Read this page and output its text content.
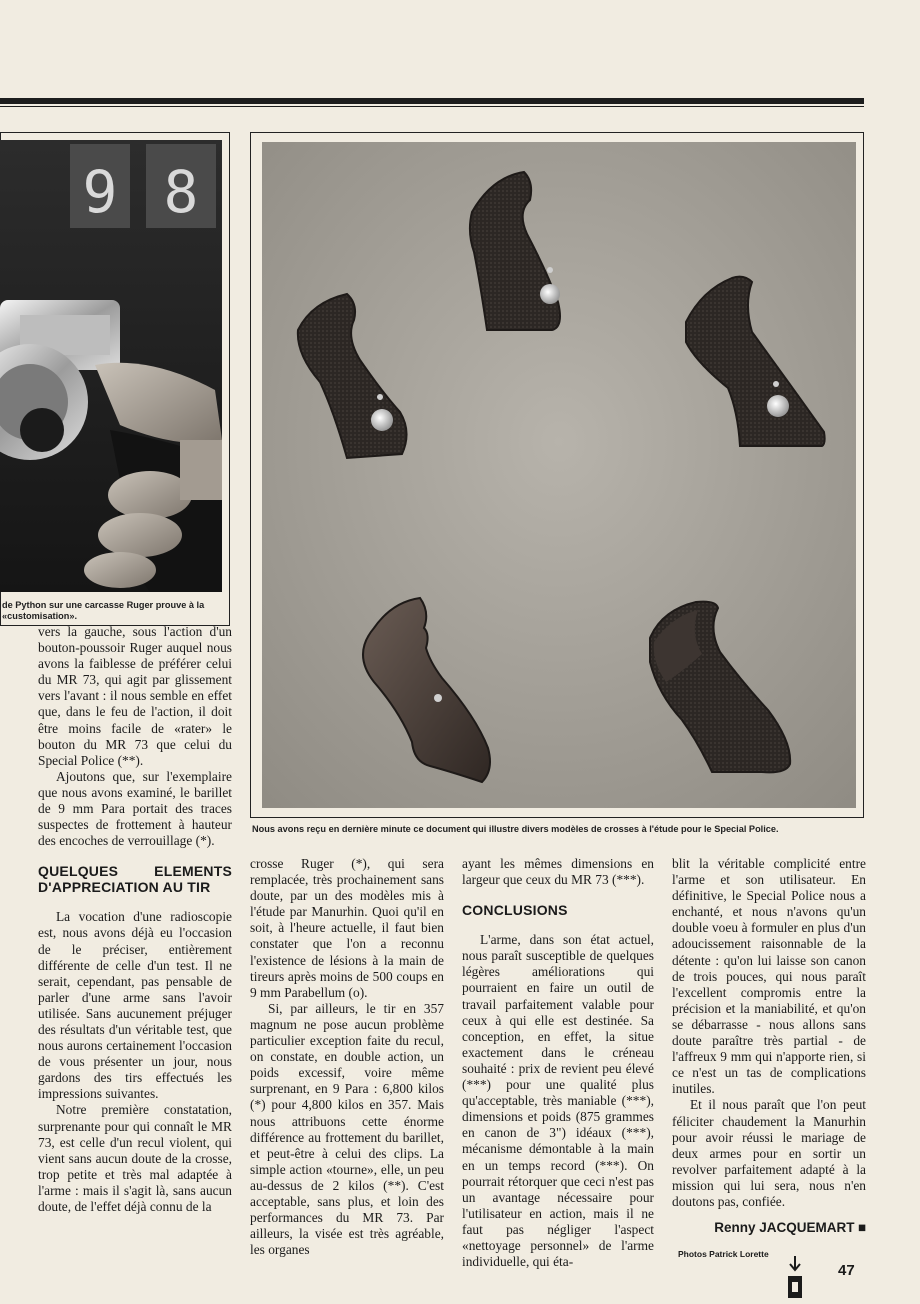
9 8
de Python sur une carcasse Ruger prouve à la «customisation».
Nous avons reçu en dernière minute ce document qui illustre divers modèles de crosses à l'étude pour le Special Police.

vers la gauche, sous l'action d'un bouton-poussoir Ruger auquel nous avons la faiblesse de préférer celui du MR 73, qui agit par glissement vers l'avant : il nous semble en effet que, dans le feu de l'action, il doit être moins facile de «rater» le bouton du MR 73 que celui du Special Police (**).

Ajoutons que, sur l'exemplaire que nous avons examiné, le barillet de 9 mm Para portait des traces suspectes de frottement à hauteur des encoches de verrouillage (*).

QUELQUES ELEMENTS D'APPRECIATION AU TIR

La vocation d'une radioscopie est, nous avons déjà eu l'occasion de le préciser, entièrement différente de celle d'un test. Il ne serait, cependant, pas pensable de parler d'une arme sans l'avoir utilisée. Sans aucunement préjuger des résultats d'un véritable test, que nous aurons certainement l'occasion de vous présenter un jour, nous gardons des tirs effectués les impressions suivantes.

Notre première constatation, surprenante pour qui connaît le MR 73, est celle d'un recul violent, qui vient sans aucun doute de la crosse, trop petite et très mal adaptée à l'arme : mais il s'agit là, sans aucun doute, de l'effet déjà connu de la

crosse Ruger (*), qui sera remplacée, très prochainement sans doute, par un des modèles mis à l'étude par Manurhin. Quoi qu'il en soit, à l'heure actuelle, il faut bien constater que l'on a reconnu l'existence de lésions à la main de tireurs après moins de 500 coups en 9 mm Parabellum (o).

Si, par ailleurs, le tir en 357 magnum ne pose aucun problème particulier exception faite du recul, on constate, en double action, un poids excessif, voire même surprenant, en 9 Para : 6,800 kilos (*) pour 4,800 kilos en 357. Mais nous attribuons cette énorme différence au frottement du barillet, et peut-être à celui des clips. La simple action «tourne», elle, un peu au-dessus de 2 kilos (**). C'est acceptable, sans plus, et loin des performances du MR 73. Par ailleurs, la visée est très agréable, les organes

ayant les mêmes dimensions en largeur que ceux du MR 73 (***).

CONCLUSIONS

L'arme, dans son état actuel, nous paraît susceptible de quelques légères améliorations qui pourraient en faire un outil de travail parfaitement valable pour ceux à qui elle est destinée. Sa conception, en effet, la situe exactement dans le créneau souhaité : prix de revient peu élevé (***) pour une qualité plus qu'acceptable, très maniable (***), dimensions et poids (875 grammes en canon de 3") idéaux (***), mécanisme démontable à la main en un temps record (***). On pourrait rétorquer que ceci n'est pas un avantage nécessaire pour l'utilisateur en action, mais il ne faut pas négliger l'aspect «nettoyage personnel» de l'arme individuelle, qui éta-

blit la véritable complicité entre l'arme et son utilisateur. En définitive, le Special Police nous a enchanté, et nous n'avons qu'un double voeu à formuler en plus d'un adoucissement raisonnable de la détente : qu'on lui laisse son canon de trois pouces, qui nous paraît l'excellent compromis entre la précision et la maniabilité, et qu'on se débarrasse - nous allons sans doute paraître très partial - de l'affreux 9 mm qui n'apporte rien, si ce n'est un tas de complications inutiles.

Et il nous paraît que l'on peut féliciter chaudement la Manurhin pour avoir réussi le mariage de deux armes pour en sortir un revolver parfaitement adapté à la mission qui lui sera, nous n'en doutons pas, confiée.

Renny JACQUEMART ■
Photos Patrick Lorette
47
